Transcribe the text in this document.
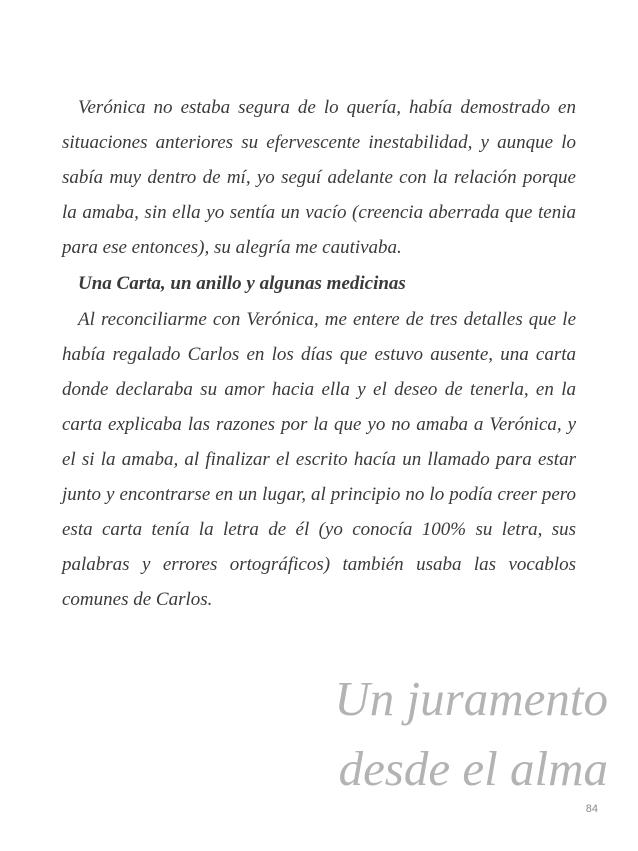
Verónica no estaba segura de lo quería, había demostrado en situaciones anteriores su efervescente inestabilidad, y aunque lo sabía muy dentro de mí, yo seguí adelante con la relación porque la amaba, sin ella yo sentía un vacío (creencia aberrada que tenia para ese entonces), su alegría me cautivaba.

Una Carta, un anillo y algunas medicinas

Al reconciliarme con Verónica, me entere de tres detalles que le había regalado Carlos en los días que estuvo ausente, una carta donde declaraba su amor hacia ella y el deseo de tenerla, en la carta explicaba las razones por la que yo no amaba a Verónica, y el si la amaba, al finalizar el escrito hacía un llamado para estar junto y encontrarse en un lugar, al principio no lo podía creer pero esta carta tenía la letra de él (yo conocía 100% su letra, sus palabras y errores ortográficos) también usaba las vocablos comunes de Carlos.

Un juramento
desde el alma
84
